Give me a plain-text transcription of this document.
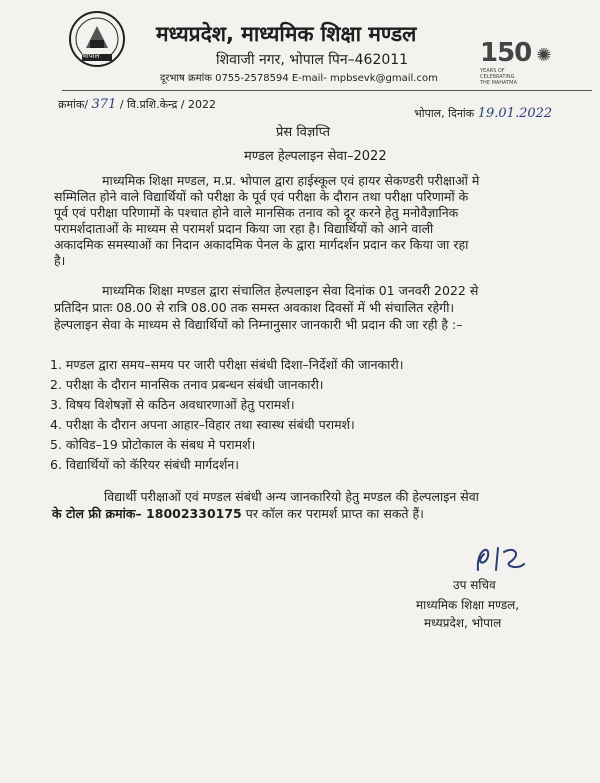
भोपाल
मध्यप्रदेश, माध्यमिक शिक्षा मण्डल
शिवाजी नगर, भोपाल पिन–462011
दूरभाष क्रमांक 0755-2578594 E-mail- mpbsevk@gmail.com
150 ✺
YEARS OF CELEBRATING THE MAHATMA
क्रमांक/ 371 / वि.प्रशि.केन्द्र / 2022
भोपाल, दिनांक 19.01.2022
प्रेस विज्ञप्ति
मण्डल हेल्पलाइन सेवा–2022
माध्यमिक शिक्षा मण्डल, म.प्र. भोपाल द्वारा हाईस्कूल एवं हायर सेकण्डरी परीक्षाओं मे
सम्मिलित होने वाले विद्यार्थियों को परीक्षा के पूर्व एवं परीक्षा के दौरान तथा परीक्षा परिणामों के
पूर्व एवं परीक्षा परिणामों के पश्चात होने वाले मानसिक तनाव को दूर करने हेतु मनोवैज्ञानिक
परामर्शदाताओं के माध्यम से परामर्श प्रदान किया जा रहा है। विद्यार्थियों को आने वाली
अकादमिक समस्याओं का निदान अकादमिक पेनल के द्वारा मार्गदर्शन प्रदान कर किया जा रहा
है।
माध्यमिक शिक्षा मण्डल द्वारा संचालित हेल्पलाइन सेवा दिनांक 01 जनवरी 2022 से
प्रतिदिन प्रातः 08.00 से रात्रि 08.00 तक समस्त अवकाश दिवसों में भी संचालित रहेगी।
हेल्पलाइन सेवा के माध्यम से विद्यार्थियों को निम्नानुसार जानकारी भी प्रदान की जा रही है :–
1. मण्डल द्वारा समय–समय पर जारी परीक्षा संबंधी दिशा–निर्देशों की जानकारी।
2. परीक्षा के दौरान मानसिक तनाव प्रबन्धन संबंधी जानकारी।
3. विषय विशेषज्ञों से कठिन अवधारणाओं हेतु परामर्श।
4. परीक्षा के दौरान अपना आहार–विहार तथा स्वास्थ संबंधी परामर्श।
5. कोविड–19 प्रोटोकाल के संबध मे परामर्श।
6. विद्यार्थियों को कॅरियर संबंधी मार्गदर्शन।
विद्यार्थी परीक्षाओं एवं मण्डल संबंधी अन्य जानकारियो हेतु मण्डल की हेल्पलाइन सेवा
के टोल फ्री क्रमांक– 18002330175 पर कॉल कर परामर्श प्राप्त का सकते हैं।
उप सचिव
माध्यमिक शिक्षा मण्डल,
मध्यप्रदेश, भोपाल
